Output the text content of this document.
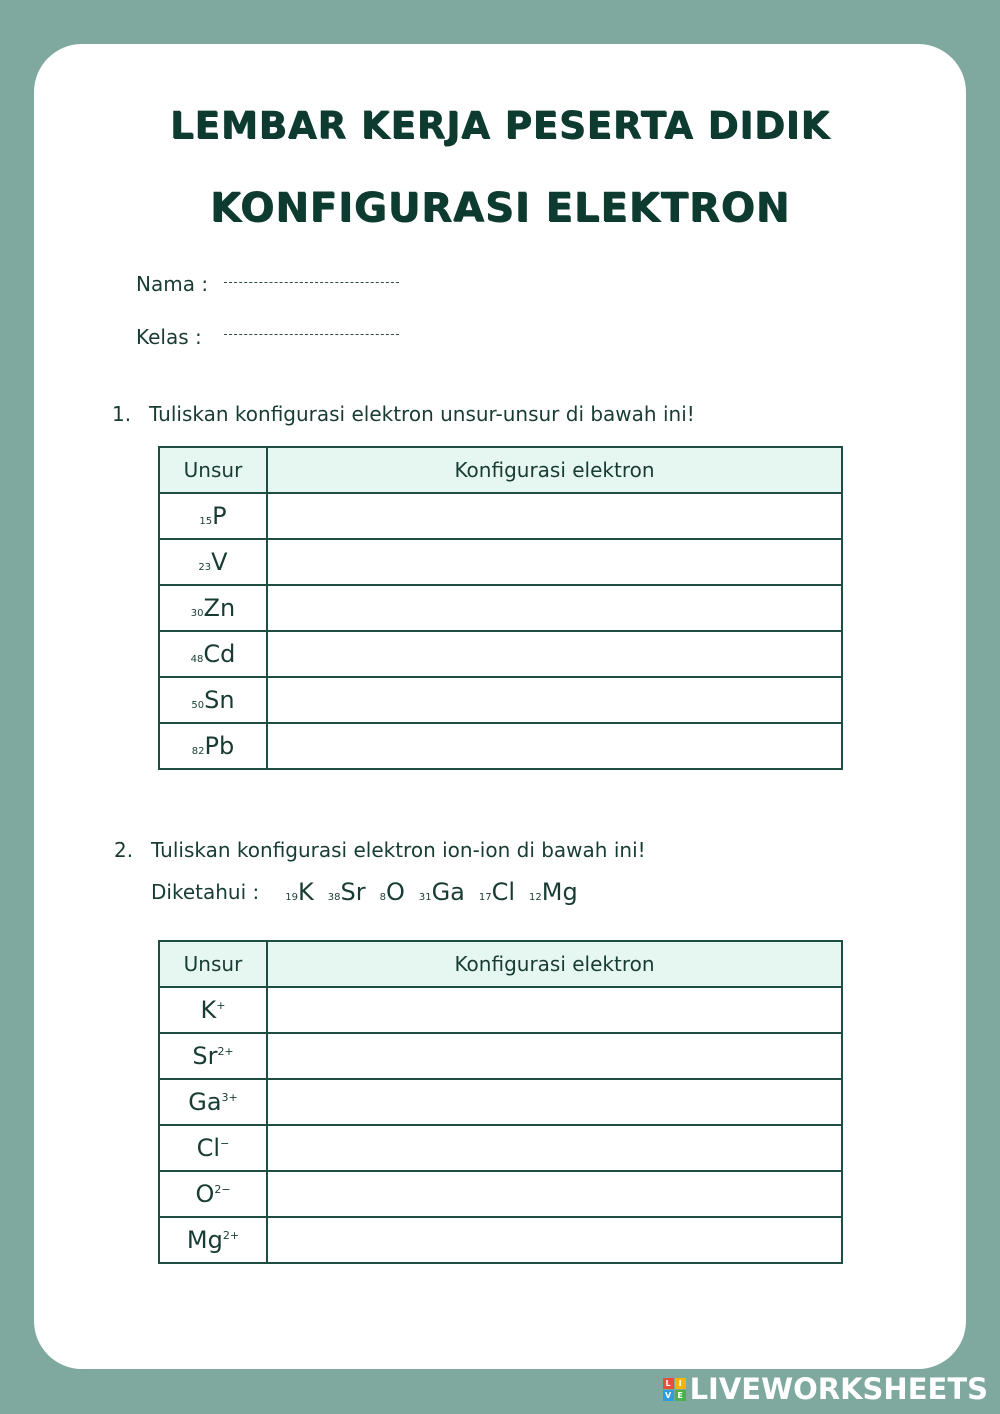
LEMBAR KERJA PESERTA DIDIK
KONFIGURASI ELEKTRON
Nama :
Kelas :
1. Tuliskan konfigurasi elektron unsur-unsur di bawah ini!
Unsur	Konfigurasi elektron
15P	
23V	
30Zn	
48Cd	
50Sn	
82Pb	
2. Tuliskan konfigurasi elektron ion-ion di bawah ini!
Diketahui :	19K 38Sr 8O 31Ga 17Cl 12Mg
Unsur	Konfigurasi elektron
K+	
$Sr^{2+}$	
$Ga^{3+}$	
Cl−	
$O^{2-}$	
$Mg^{2+}$	
L I
V E LIVEWORKSHEETS
